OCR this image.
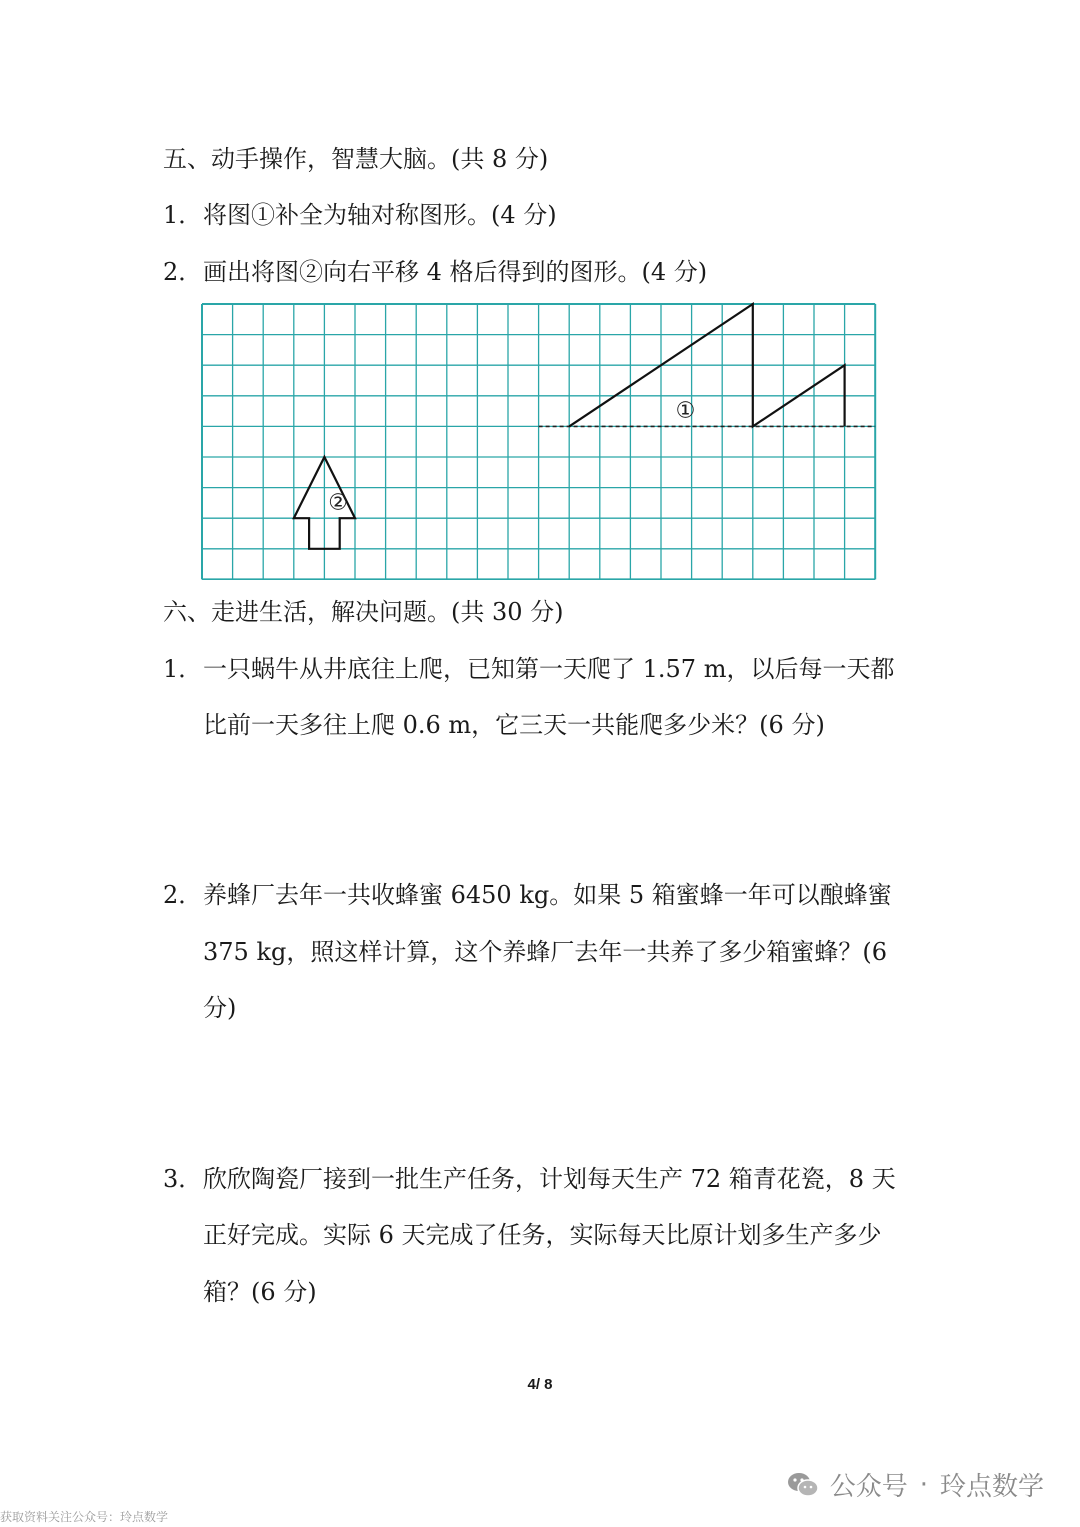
五、动手操作，智慧大脑。(共 8 分)
1． 将图①补全为轴对称图形。(4 分)
2． 画出将图②向右平移 4 格后得到的图形。(4 分)
①
②
六、走进生活，解决问题。(共 30 分)
1． 一只蜗牛从井底往上爬，已知第一天爬了 1.57 m，以后每一天都
比前一天多往上爬 0.6 m，它三天一共能爬多少米？(6 分)
2． 养蜂厂去年一共收蜂蜜 6450 kg。如果 5 箱蜜蜂一年可以酿蜂蜜
375 kg，照这样计算，这个养蜂厂去年一共养了多少箱蜜蜂？(6
分)
3． 欣欣陶瓷厂接到一批生产任务，计划每天生产 72 箱青花瓷，8 天
正好完成。实际 6 天完成了任务，实际每天比原计划多生产多少
箱？(6 分)
4/ 8
公众号 · 玲点数学
获取资料关注公众号：玲点数学
